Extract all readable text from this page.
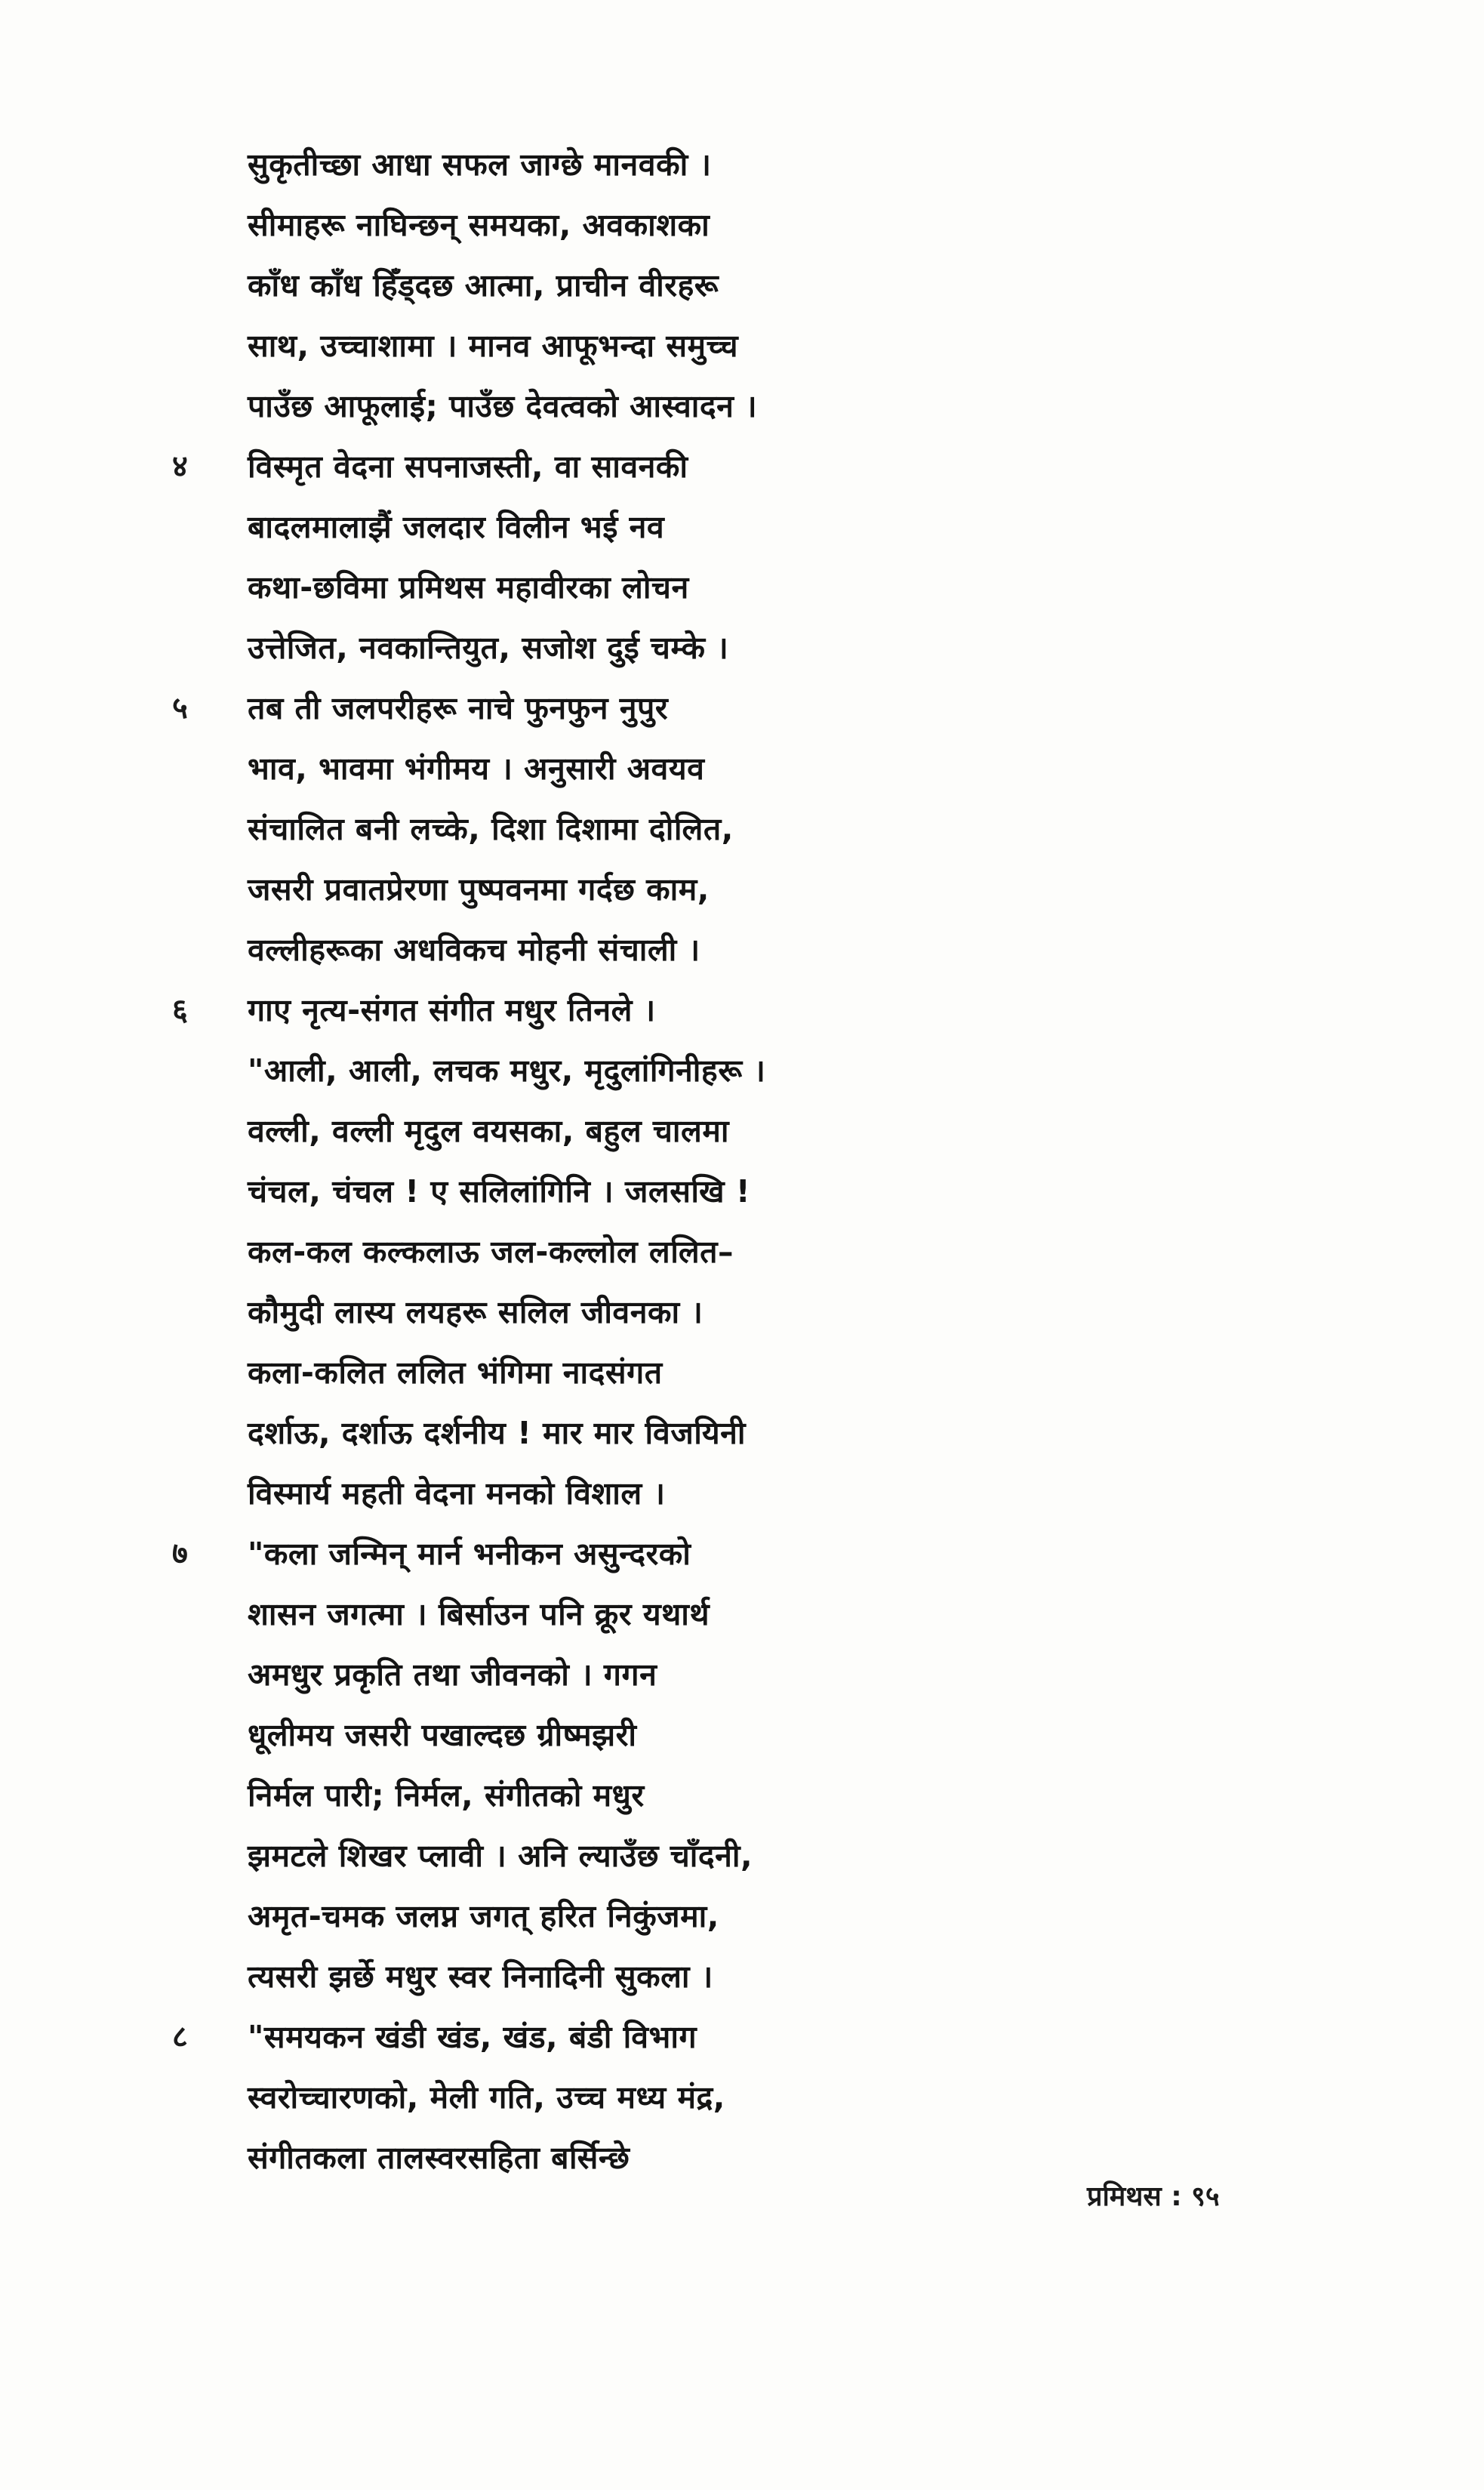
सुकृतीच्छा आधा सफल जाग्छे मानवकी ।
सीमाहरू नाघिन्छन् समयका, अवकाशका
काँध काँध हिँड्दछ आत्मा, प्राचीन वीरहरू
साथ, उच्चाशामा । मानव आफूभन्दा समुच्च
पाउँछ आफूलाई; पाउँछ देवत्वको आस्वादन ।
४	विस्मृत वेदना सपनाजस्ती, वा सावनकी
बादलमालाझैं जलदार विलीन भई नव
कथा-छविमा प्रमिथस महावीरका लोचन
उत्तेजित, नवकान्तियुत, सजोश दुई चम्के ।
५	तब ती जलपरीहरू नाचे फुनफुन नुपुर
भाव, भावमा भंगीमय । अनुसारी अवयव
संचालित बनी लच्के, दिशा दिशामा दोलित,
जसरी प्रवातप्रेरणा पुष्पवनमा गर्दछ काम,
वल्लीहरूका अधविकच मोहनी संचाली ।
६	गाए नृत्य-संगत संगीत मधुर तिनले ।
"आली, आली, लचक मधुर, मृदुलांगिनीहरू ।
वल्ली, वल्ली मृदुल वयसका, बहुल चालमा
चंचल, चंचल ! ए सलिलांगिनि । जलसखि !
कल-कल कल्कलाऊ जल-कल्लोल ललित–
कौमुदी लास्य लयहरू सलिल जीवनका ।
कला-कलित ललित भंगिमा नादसंगत
दर्शाऊ, दर्शाऊ दर्शनीय ! मार मार विजयिनी
विस्मार्य महती वेदना मनको विशाल ।
७	"कला जन्मिन् मार्न भनीकन असुन्दरको
शासन जगत्मा । बिर्साउन पनि क्रूर यथार्थ
अमधुर प्रकृति तथा जीवनको । गगन
धूलीमय जसरी पखाल्दछ ग्रीष्मझरी
निर्मल पारी; निर्मल, संगीतको मधुर
झमटले शिखर प्लावी । अनि ल्याउँछ चाँदनी,
अमृत-चमक जलप्न जगत् हरित निकुंजमा,
त्यसरी झर्छे मधुर स्वर निनादिनी सुकला ।
८	"समयकन खंडी खंड, खंड, बंडी विभाग
स्वरोच्चारणको, मेली गति, उच्च मध्य मंद्र,
संगीतकला तालस्वरसहिता बर्सिन्छे
प्रमिथस : ९५
